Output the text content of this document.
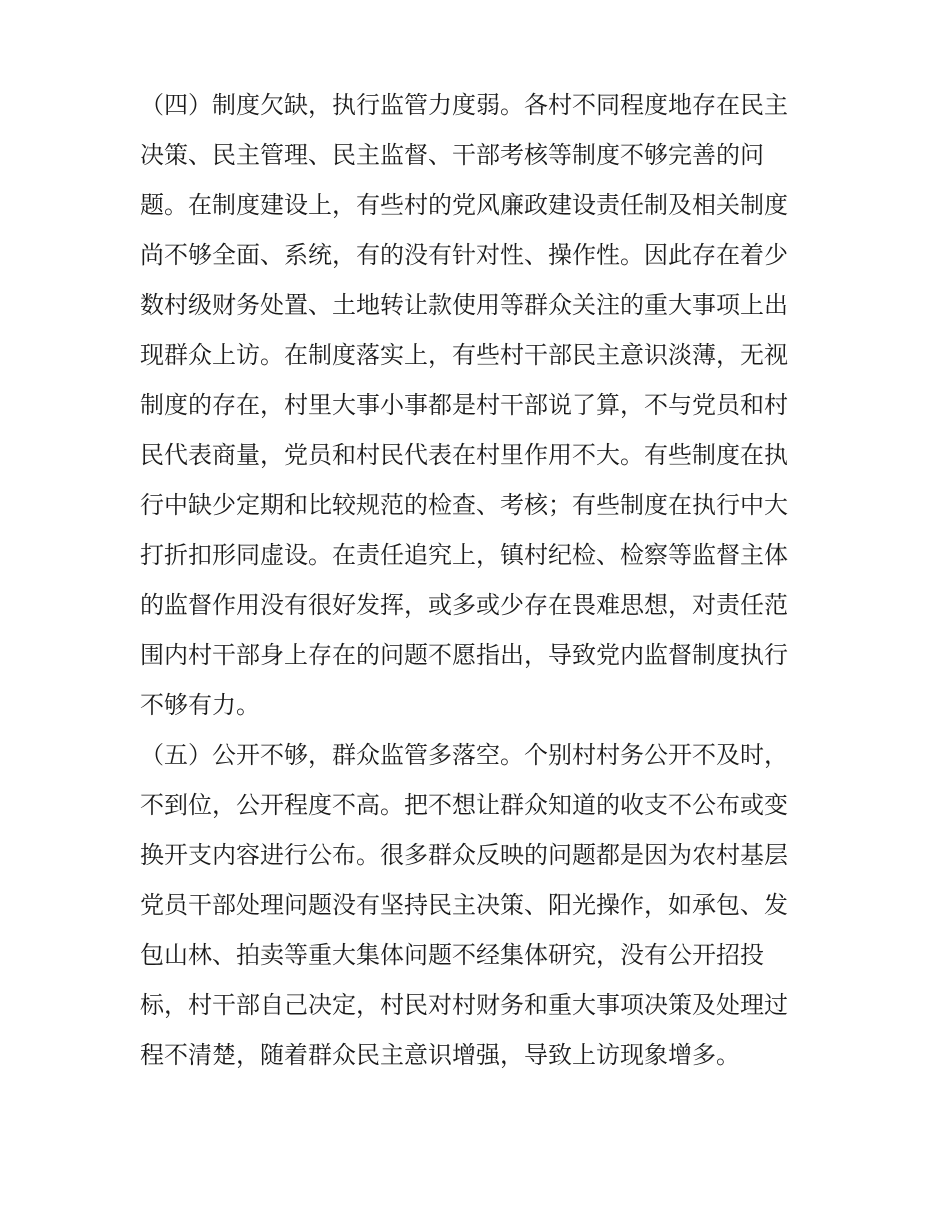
（四）制度欠缺，执行监管力度弱。各村不同程度地存在民主
决策、民主管理、民主监督、干部考核等制度不够完善的问
题。在制度建设上，有些村的党风廉政建设责任制及相关制度
尚不够全面、系统，有的没有针对性、操作性。因此存在着少
数村级财务处置、土地转让款使用等群众关注的重大事项上出
现群众上访。在制度落实上，有些村干部民主意识淡薄，无视
制度的存在，村里大事小事都是村干部说了算，不与党员和村
民代表商量，党员和村民代表在村里作用不大。有些制度在执
行中缺少定期和比较规范的检查、考核；有些制度在执行中大
打折扣形同虚设。在责任追究上，镇村纪检、检察等监督主体
的监督作用没有很好发挥，或多或少存在畏难思想，对责任范
围内村干部身上存在的问题不愿指出，导致党内监督制度执行
不够有力。
（五）公开不够，群众监管多落空。个别村村务公开不及时，
不到位，公开程度不高。把不想让群众知道的收支不公布或变
换开支内容进行公布。很多群众反映的问题都是因为农村基层
党员干部处理问题没有坚持民主决策、阳光操作，如承包、发
包山林、拍卖等重大集体问题不经集体研究，没有公开招投
标，村干部自己决定，村民对村财务和重大事项决策及处理过
程不清楚，随着群众民主意识增强，导致上访现象增多。
